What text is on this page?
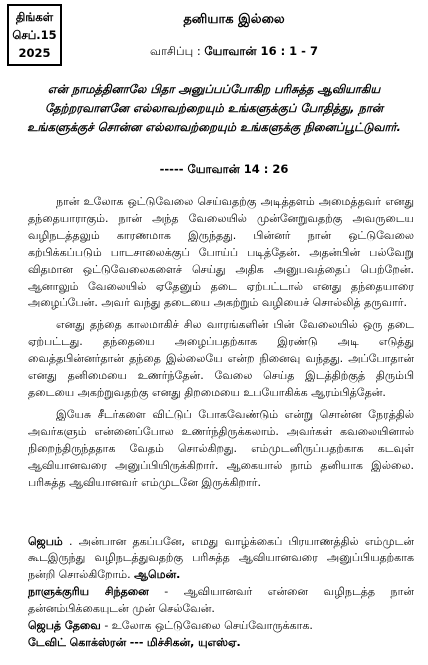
திங்கள்
செப்.15
2025
தனியாக இல்லை
வாசிப்பு : யோவான் 16 : 1 - 7
என் நாமத்தினாலே பிதா அனுப்பப்போகிற பரிசுத்த ஆவியாகிய தேற்றரவாளனே எல்லாவற்றையும் உங்களுக்குப் போதித்து, நான் உங்களுக்குச் சொன்ன எல்லாவற்றையும் உங்களுக்கு நினைப்பூட்டுவார்.
----- யோவான் 14 : 26

நான் உலோக ஒட்டுவேலை செய்வதற்கு அடித்தளம் அமைத்தவர் எனது தந்தையாராகும். நான் அந்த வேலையில் முன்னேறுவதற்கு அவருடைய வழிநடத்தலும் காரணமாக இருந்தது. பின்னர் நான் ஒட்டுவேலை கற்பிக்கப்படும் பாடசாலைக்குப் போய்ப் படித்தேன். அதன்பின் பல்வேறு விதமான ஒட்டுவேலைகளைச் செய்து அதிக அனுபவத்தைப் பெற்றேன். ஆனாலும் வேலையில் ஏதேனும் தடை ஏற்பட்டால் எனது தந்தையாரை அழைப்பேன். அவர் வந்து தடையை அகற்றும் வழியைச் சொல்லித் தருவார்.

எனது தந்தை காலமாகிச் சில வாரங்களின் பின் வேலையில் ஒரு தடை ஏற்பட்டது. தந்தையை அழைப்பதற்காக இரண்டு அடி எடுத்து வைத்தபின்னர்தான் தந்தை இல்லையே என்ற நினைவு வந்தது. அப்போதான் எனது தனிமையை உணர்ந்தேன். வேலை செய்த இடத்திற்குத் திரும்பி தடையை அகற்றுவதற்கு எனது திறமையை உபயோகிக்க ஆரம்பித்தேன்.

இயேசு சீடர்களை விட்டுப் போகவேண்டும் என்று சொன்ன நேரத்தில் அவர்களும் என்னைப்போல உணர்ந்திருக்கலாம். அவர்கள் கவலையினால் நிறைந்திருந்ததாக வேதம் சொல்கிறது. எம்முடனிருப்பதற்காக கடவுள் ஆவியானவரை அனுப்பியிருக்கிறார். ஆகையால் நாம் தனியாக இல்லை. பரிசுத்த ஆவியானவர் எம்முடனே இருக்கிறார்.

ஜெபம் . அன்பான தகப்பனே, எமது வாழ்க்கைப் பிரயாணத்தில் எம்முடன் கூடஇருந்து வழிநடத்துவதற்கு பரிசுத்த ஆவியானவரை அனுப்பியதற்காக நன்றி சொல்கிறோம். ஆமென்.
நாளுக்குரிய சிந்தனை - ஆவியானவர் என்னை வழிநடத்த நான் தன்னம்பிக்கையுடன் முன் செல்வேன்.
ஜெபத் தேவை - உலோக ஒட்டுவேலை செய்வோருக்காக.
டேவிட் கொக்ஸ்ரன் --- மிச்சிகன், யுஎஸ்ஏ.
